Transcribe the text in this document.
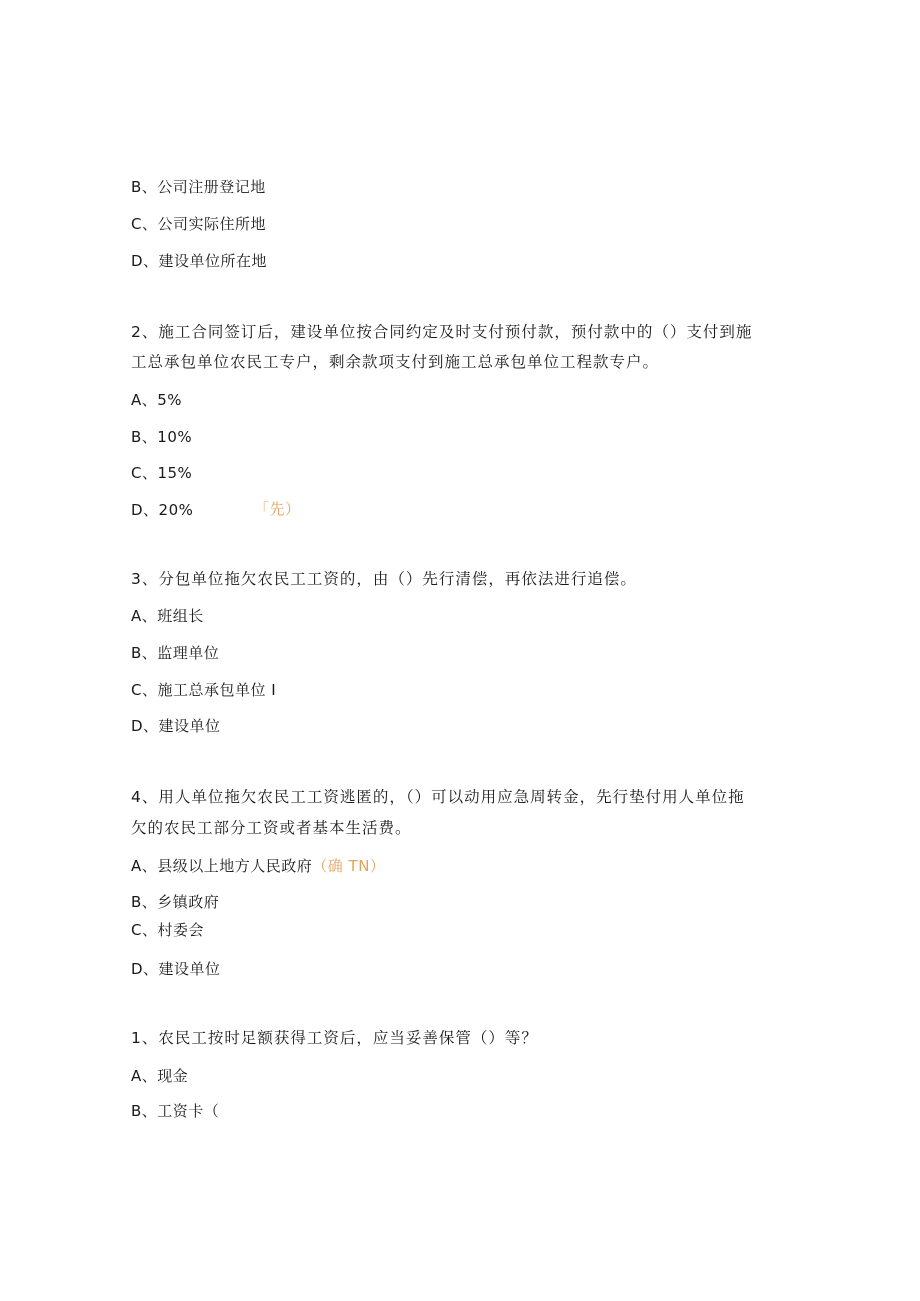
B、公司注册登记地
C、公司实际住所地
D、建设单位所在地
2、施工合同签订后，建设单位按合同约定及时支付预付款，预付款中的（）支付到施
工总承包单位农民工专户，剩余款项支付到施工总承包单位工程款专户。
A、5%
B、10%
C、15%
D、20%	「先）
3、分包单位拖欠农民工工资的，由（）先行清偿，再依法进行追偿。
A、班组长
B、监理单位
C、施工总承包单位 I
D、建设单位
4、用人单位拖欠农民工工资逃匿的，（）可以动用应急周转金，先行垫付用人单位拖
欠的农民工部分工资或者基本生活费。
A、县级以上地方人民政府（确 TN）
B、乡镇政府
C、村委会
D、建设单位
1、农民工按时足额获得工资后，应当妥善保管（）等？
A、现金
B、工资卡（
